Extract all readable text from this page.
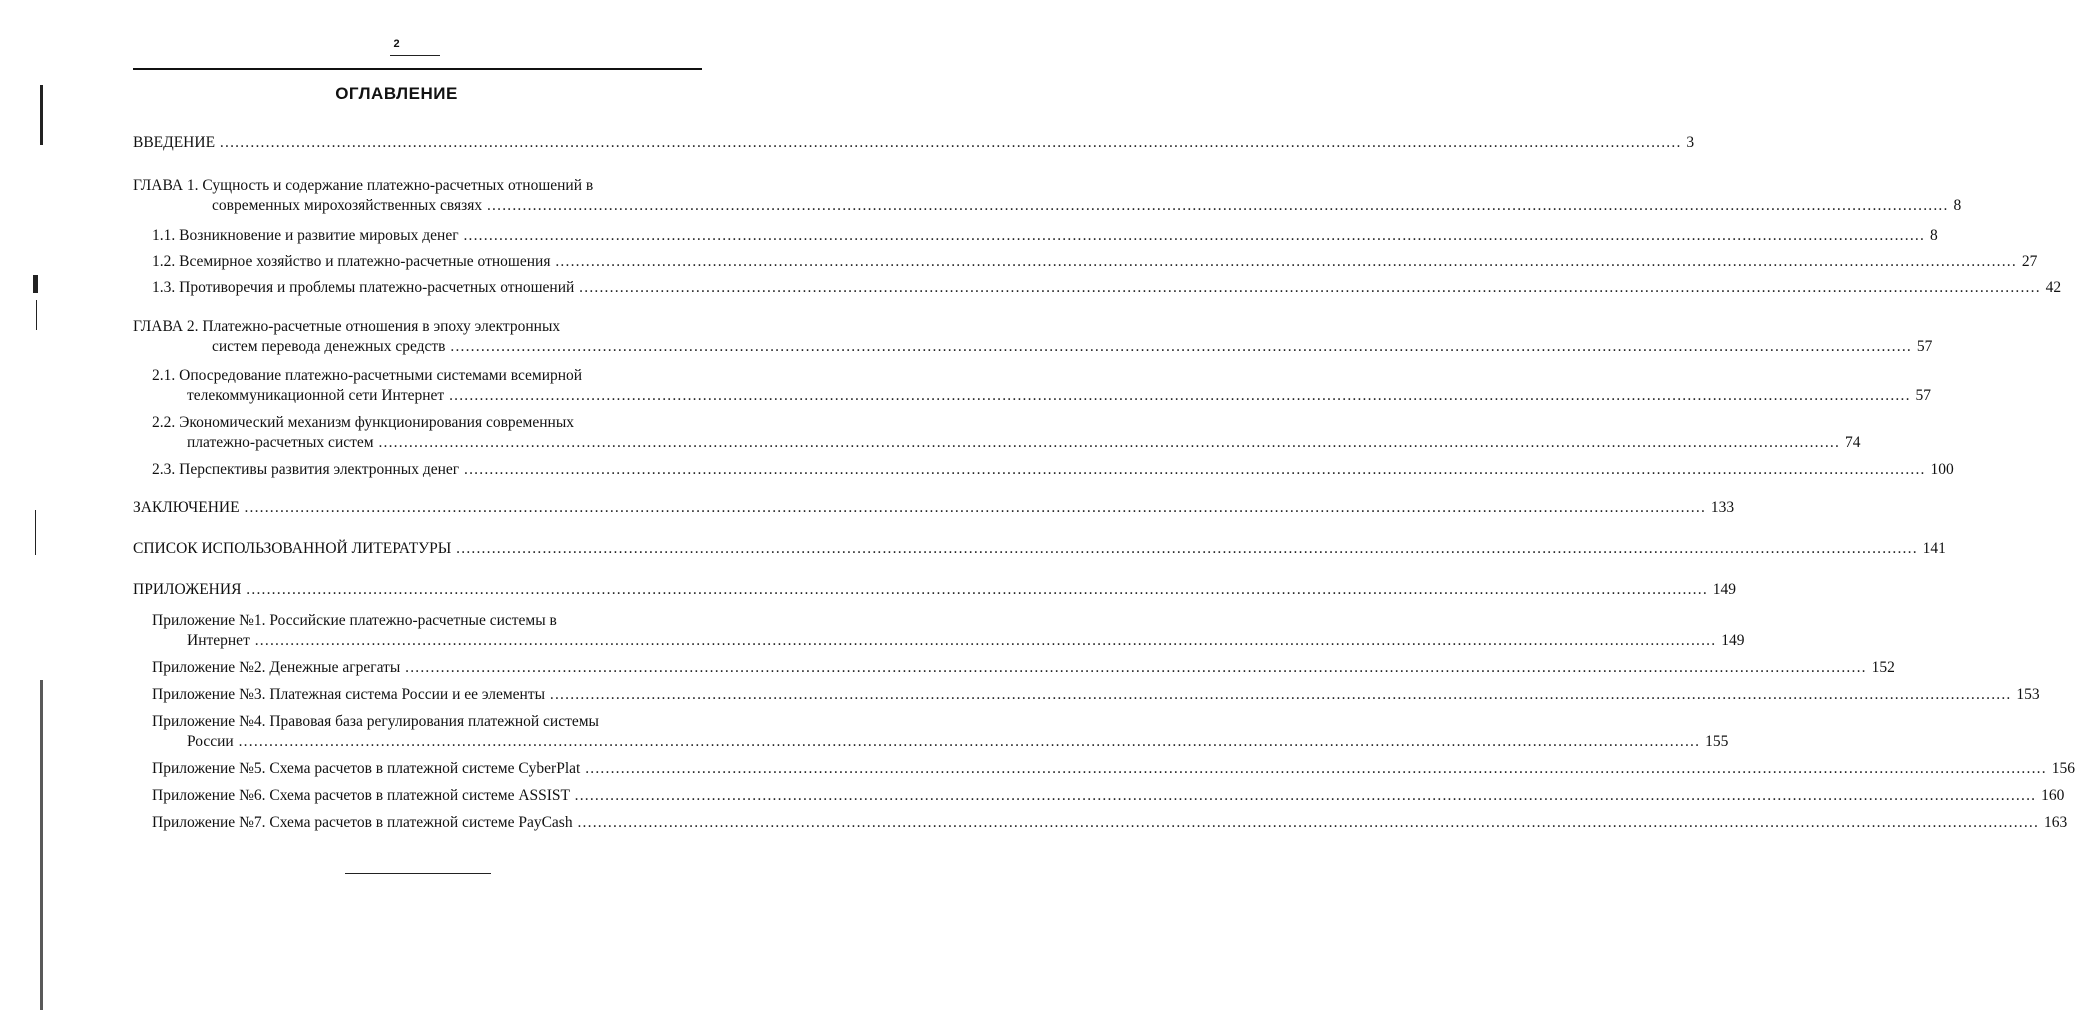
2
ОГЛАВЛЕНИЕ
ВВЕДЕНИЕ .....	3
ГЛАВА 1. Сущность и содержание платежно-расчетных отношений в
современных мирохозяйственных связях .....	8
1.1. Возникновение и развитие мировых денег .....	8
1.2. Всемирное хозяйство и платежно-расчетные отношения .....	27
1.3. Противоречия и проблемы платежно-расчетных отношений .....	42
ГЛАВА 2. Платежно-расчетные отношения в эпоху электронных
систем перевода денежных средств .....	57
2.1. Опосредование платежно-расчетными системами всемирной
телекоммуникационной сети Интернет .....	57
2.2. Экономический механизм функционирования современных
платежно-расчетных систем .....	74
2.3. Перспективы развития электронных денег .....	100
ЗАКЛЮЧЕНИЕ .....	133
СПИСОК ИСПОЛЬЗОВАННОЙ ЛИТЕРАТУРЫ .....	141
ПРИЛОЖЕНИЯ .....	149
Приложение №1. Российские платежно-расчетные системы в
Интернет .....	149
Приложение №2. Денежные агрегаты .....	152
Приложение №3. Платежная система России и ее элементы .....	153
Приложение №4. Правовая база регулирования платежной системы
России .....	155
Приложение №5. Схема расчетов в платежной системе CyberPlat .....	156
Приложение №6. Схема расчетов в платежной системе ASSIST .....	160
Приложение №7. Схема расчетов в платежной системе PayCash .....	163
